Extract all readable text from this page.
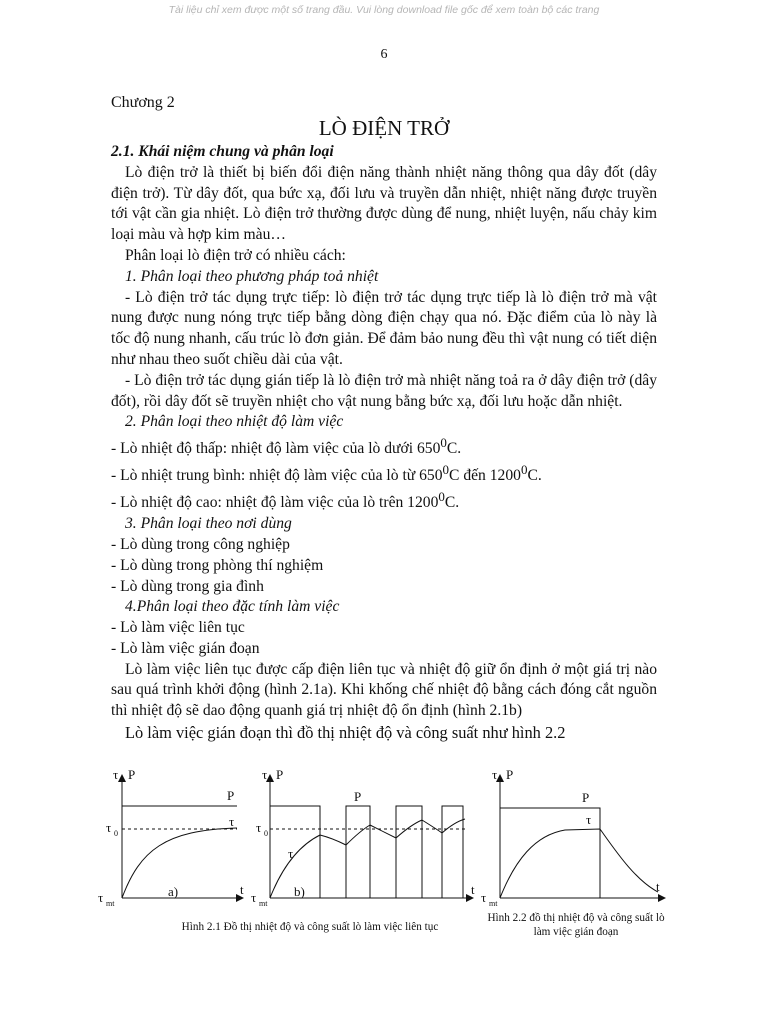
Tài liệu chỉ xem được một số trang đầu. Vui lòng download file gốc để xem toàn bộ các trang
6
Chương 2
LÒ ĐIỆN TRỞ

2.1. Khái niệm chung và phân loại

Lò điện trở là thiết bị biến đổi điện năng thành nhiệt năng thông qua dây đốt (dây điện trở). Từ dây đốt, qua bức xạ, đối lưu và truyền dẫn nhiệt, nhiệt năng được truyền tới vật cần gia nhiệt. Lò điện trở thường được dùng để nung, nhiệt luyện, nấu chảy kim loại màu và hợp kim màu…

Phân loại lò điện trở có nhiều cách:

1. Phân loại theo phương pháp toả nhiệt

- Lò điện trở tác dụng trực tiếp: lò điện trở tác dụng trực tiếp là lò điện trở mà vật nung được nung nóng trực tiếp bằng dòng điện chạy qua nó. Đặc điểm của lò này là tốc độ nung nhanh, cấu trúc lò đơn giản. Để đảm bảo nung đều thì vật nung có tiết diện như nhau theo suốt chiều dài của vật.

- Lò điện trở tác dụng gián tiếp là lò điện trở mà nhiệt năng toả ra ở dây điện trở (dây đốt), rồi dây đốt sẽ truyền nhiệt cho vật nung bằng bức xạ, đối lưu hoặc dẫn nhiệt.

2. Phân loại theo nhiệt độ làm việc

- Lò nhiệt độ thấp: nhiệt độ làm việc của lò dưới $650^0C$.

- Lò nhiệt trung bình: nhiệt độ làm việc của lò từ $650^0C$ đến 1200$^0$C.

- Lò nhiệt độ cao: nhiệt độ làm việc của lò trên 1200$^0$C.

3. Phân loại theo nơi dùng

- Lò dùng trong công nghiệp

- Lò dùng trong phòng thí nghiệm

- Lò dùng trong gia đình

4.Phân loại theo đặc tính làm việc

- Lò làm việc liên tục

- Lò làm việc gián đoạn

Lò làm việc liên tục được cấp điện liên tục và nhiệt độ giữ ổn định ở một giá trị nào sau quá trình khởi động (hình 2.1a). Khi khống chế nhiệt độ bằng cách đóng cắt nguồn thì nhiệt độ sẽ dao động quanh giá trị nhiệt độ ổn định (hình 2.1b)

Lò làm việc gián đoạn thì đồ thị nhiệt độ và công suất như hình 2.2

τ P
P
τ
τ 0
τ mt
a)	t
τ P
P
τ
τ 0
τ mt
b)	t
τ P
P
τ
τ mt
t
Hình 2.1 Đồ thị nhiệt độ và công suất lò làm việc liên tục
Hình 2.2 đồ thị nhiệt độ và công suất lò làm việc gián đoạn
